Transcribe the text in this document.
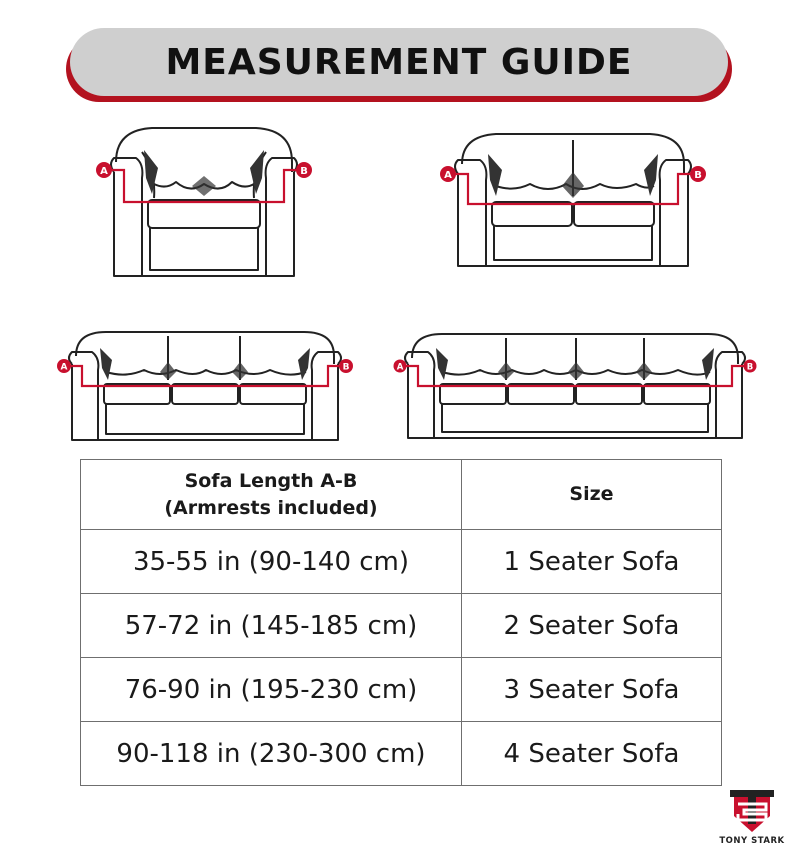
MEASUREMENT GUIDE
A	B	A	B
A	B	A	B
Sofa Length A-B
(Armrests included)	Size
35-55 in (90-140 cm)	1 Seater Sofa
57-72 in (145-185 cm)	2 Seater Sofa
76-90 in (195-230 cm)	3 Seater Sofa
90-118 in (230-300 cm)	4 Seater Sofa
TONY STARK
